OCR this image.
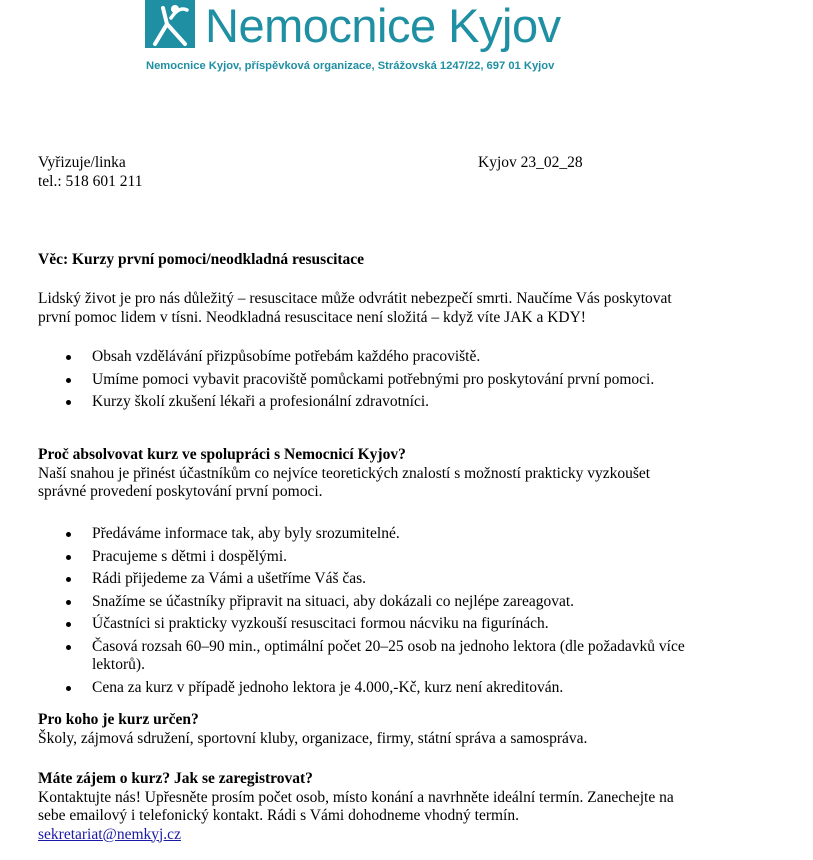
Nemocnice Kyjov
Nemocnice Kyjov, příspěvková organizace, Strážovská 1247/22, 697 01 Kyjov
Vyřizuje/linka
tel.: 518 601 211
Kyjov 23_02_28
Věc: Kurzy první pomoci/neodkladná resuscitace
Lidský život je pro nás důležitý – resuscitace může odvrátit nebezpečí smrti. Naučíme Vás poskytovat
první pomoc lidem v tísni. Neodkladná resuscitace není složitá – když víte JAK a KDY!
Obsah vzdělávání přizpůsobíme potřebám každého pracoviště.
Umíme pomoci vybavit pracoviště pomůckami potřebnými pro poskytování první pomoci.
Kurzy školí zkušení lékaři a profesionální zdravotníci.
Proč absolvovat kurz ve spolupráci s Nemocnicí Kyjov?
Naší snahou je přinést účastníkům co nejvíce teoretických znalostí s možností prakticky vyzkoušet
správné provedení poskytování první pomoci.
Předáváme informace tak, aby byly srozumitelné.
Pracujeme s dětmi i dospělými.
Rádi přijedeme za Vámi a ušetříme Váš čas.
Snažíme se účastníky připravit na situaci, aby dokázali co nejlépe zareagovat.
Účastníci si prakticky vyzkouší resuscitaci formou nácviku na figurínách.
Časová rozsah 60–90 min., optimální počet 20–25 osob na jednoho lektora (dle požadavků více lektorů).
Cena za kurz v případě jednoho lektora je 4.000,-Kč, kurz není akreditován.
Pro koho je kurz určen?
Školy, zájmová sdružení, sportovní kluby, organizace, firmy, státní správa a samospráva.
Máte zájem o kurz? Jak se zaregistrovat?
Kontaktujte nás! Upřesněte prosím počet osob, místo konání a navrhněte ideální termín. Zanechejte na
sebe emailový i telefonický kontakt. Rádi s Vámi dohodneme vhodný termín.
sekretariat@nemkyj.cz
